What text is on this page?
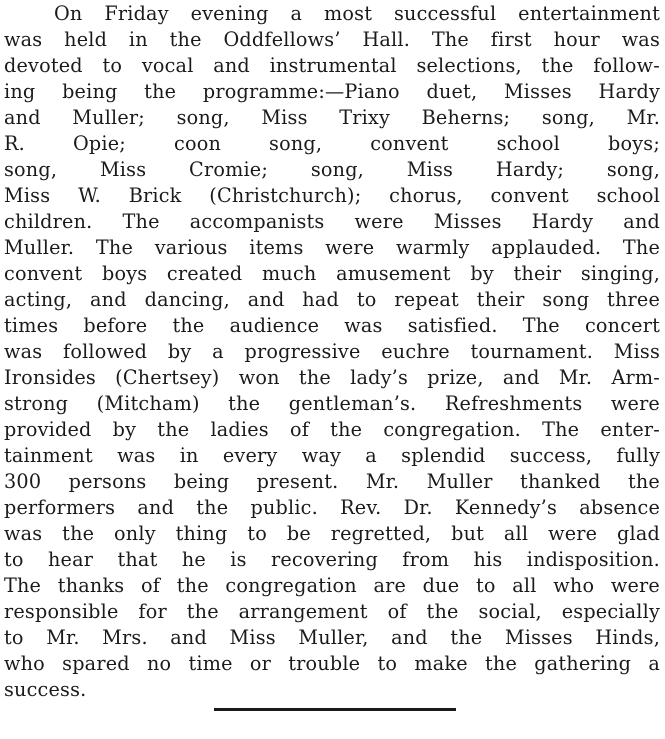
On Friday evening a most successful entertainment
was held in the Oddfellows’ Hall. The first hour was
devoted to vocal and instrumental selections, the follow-
ing being the programme:—Piano duet, Misses Hardy
and Muller; song, Miss Trixy Beherns; song, Mr.
R. Opie; coon song, convent school boys;
song, Miss Cromie; song, Miss Hardy; song,
Miss W. Brick (Christchurch); chorus, convent school
children. The accompanists were Misses Hardy and
Muller. The various items were warmly applauded. The
convent boys created much amusement by their singing,
acting, and dancing, and had to repeat their song three
times before the audience was satisfied. The concert
was followed by a progressive euchre tournament. Miss
Ironsides (Chertsey) won the lady’s prize, and Mr. Arm-
strong (Mitcham) the gentleman’s. Refreshments were
provided by the ladies of the congregation. The enter-
tainment was in every way a splendid success, fully
300 persons being present. Mr. Muller thanked the
performers and the public. Rev. Dr. Kennedy’s absence
was the only thing to be regretted, but all were glad
to hear that he is recovering from his indisposition.
The thanks of the congregation are due to all who were
responsible for the arrangement of the social, especially
to Mr. Mrs. and Miss Muller, and the Misses Hinds,
who spared no time or trouble to make the gathering a
success.
